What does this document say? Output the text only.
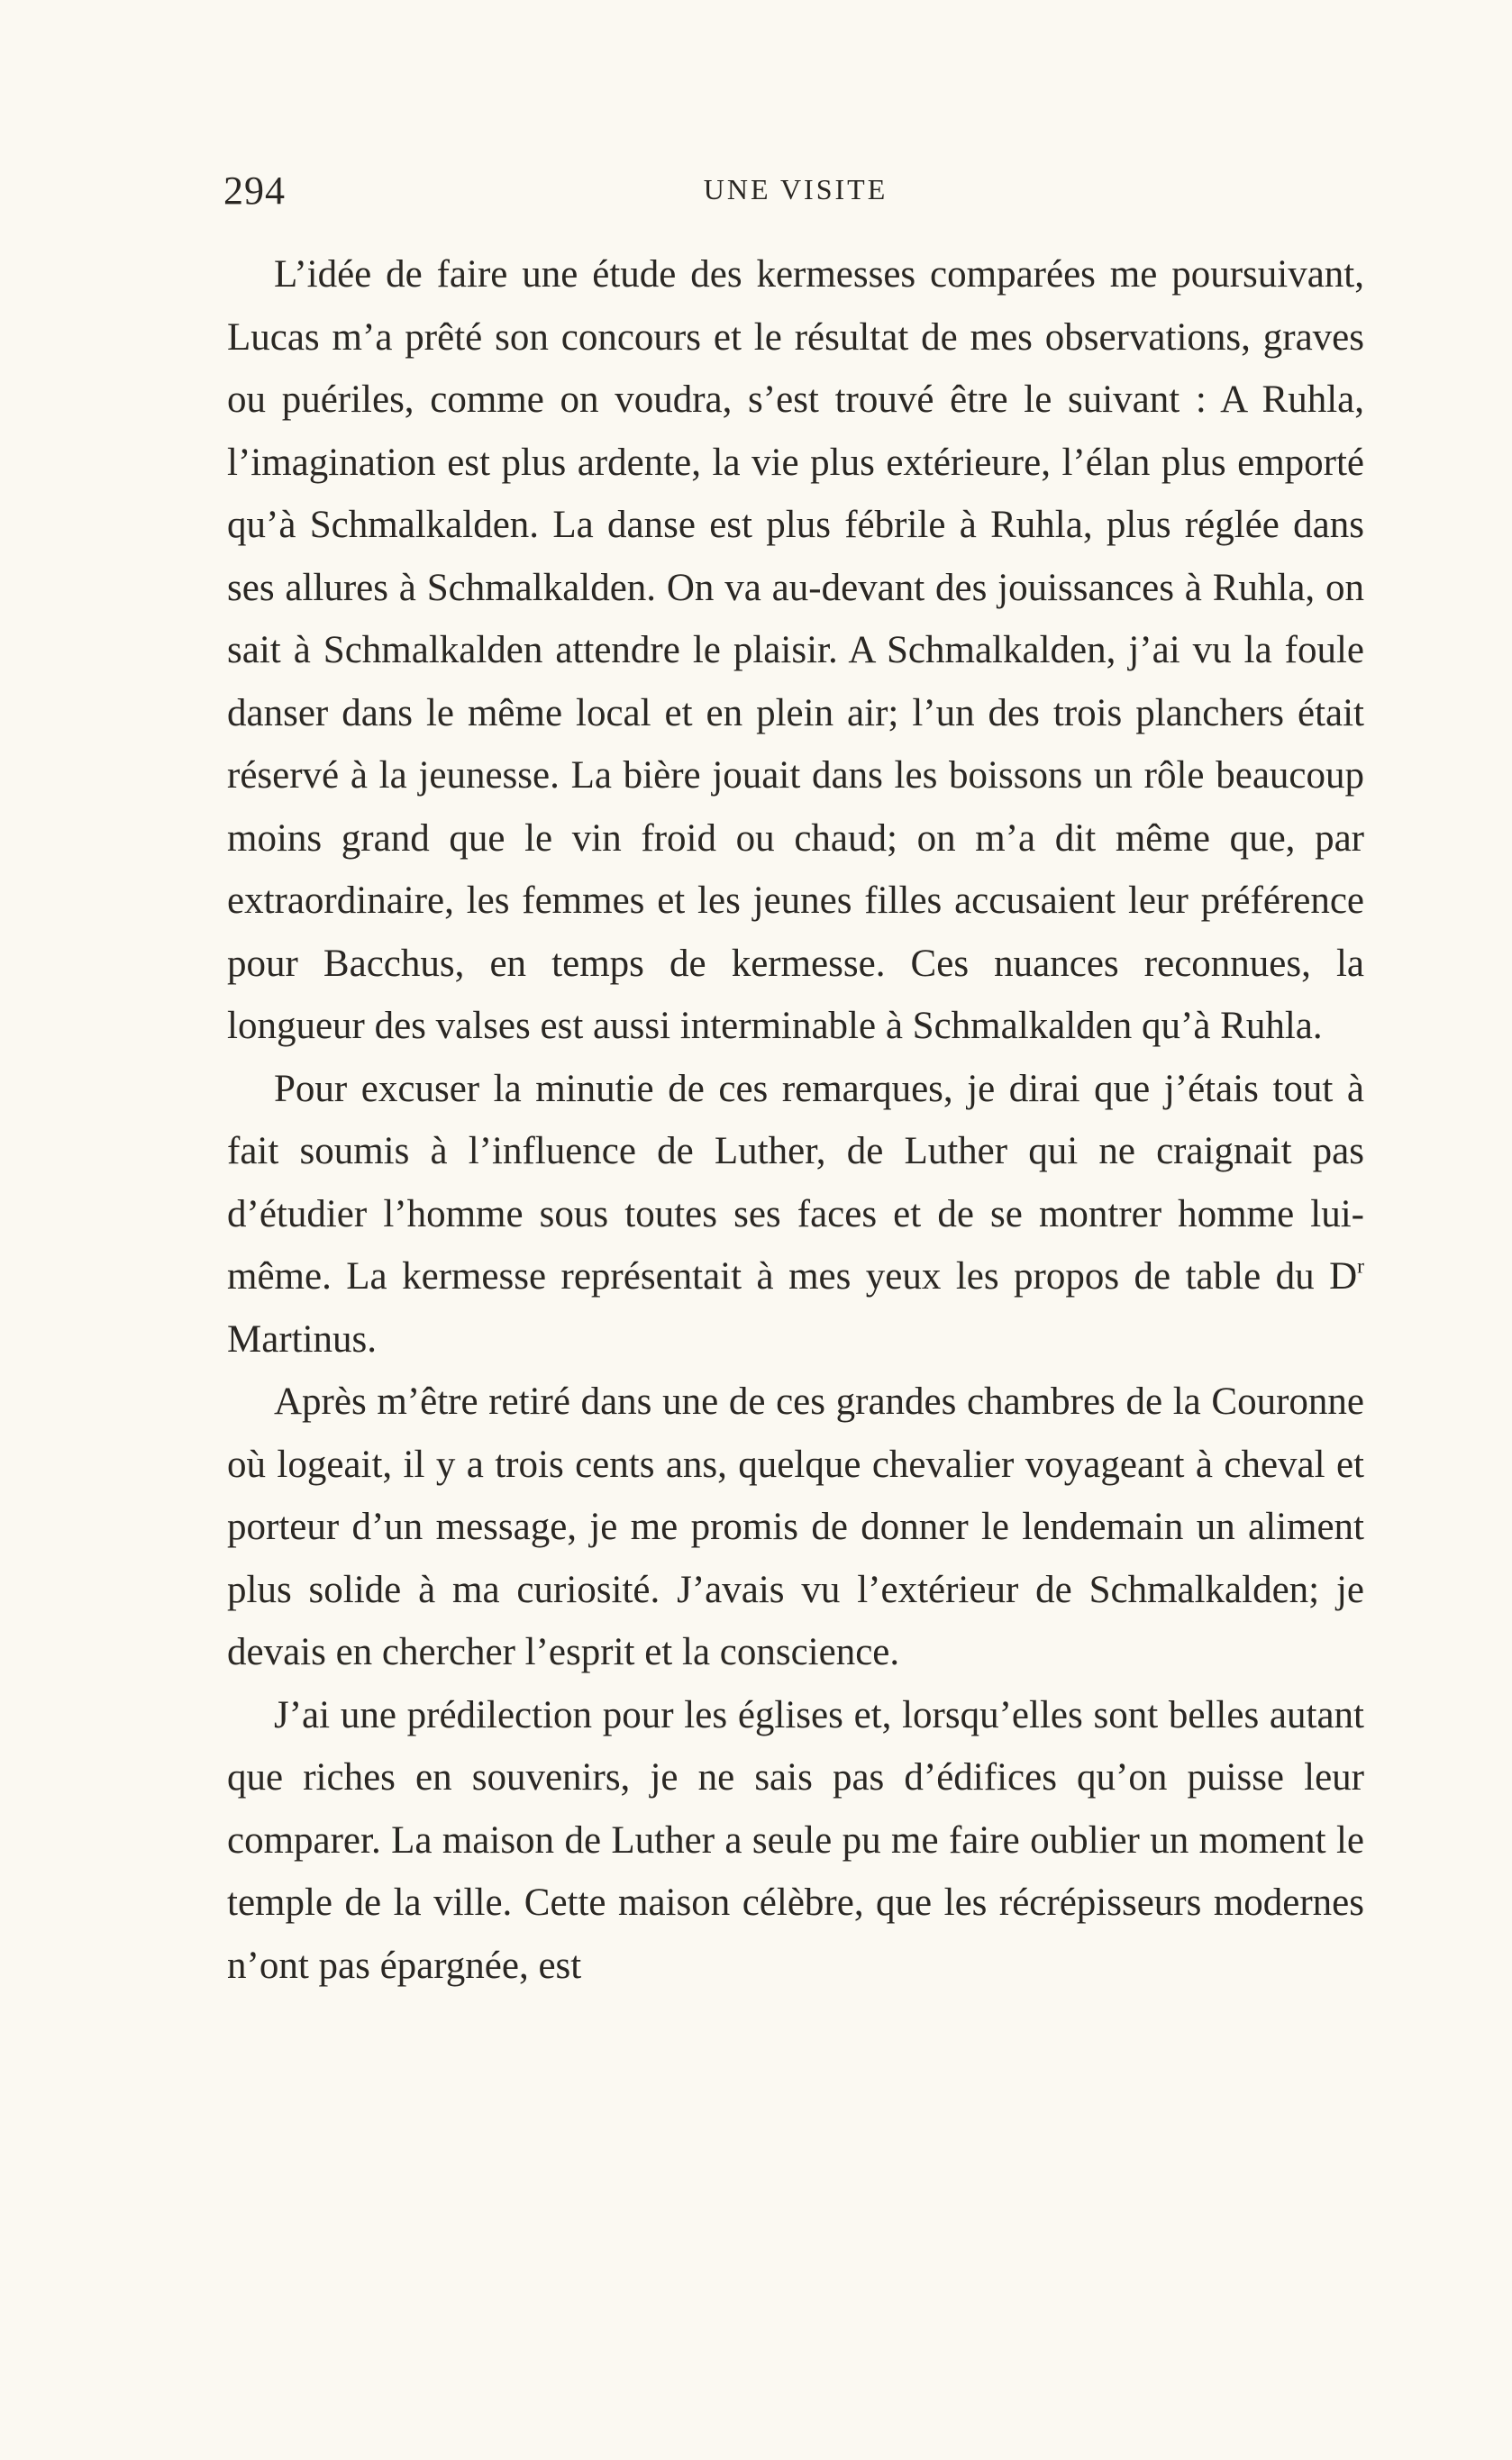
294	UNE VISITE

L’idée de faire une étude des kermesses comparées me poursuivant, Lucas m’a prêté son concours et le résultat de mes observations, graves ou puériles, comme on voudra, s’est trouvé être le suivant : A Ruhla, l’imagination est plus ardente, la vie plus extérieure, l’élan plus emporté qu’à Schmalkalden. La danse est plus fébrile à Ruhla, plus réglée dans ses allures à Schmalkalden. On va au-devant des jouissances à Ruhla, on sait à Schmalkalden attendre le plaisir. A Schmalkalden, j’ai vu la foule danser dans le même local et en plein air; l’un des trois planchers était réservé à la jeunesse. La bière jouait dans les boissons un rôle beaucoup moins grand que le vin froid ou chaud; on m’a dit même que, par extraordinaire, les femmes et les jeunes filles accusaient leur préférence pour Bacchus, en temps de kermesse. Ces nuances reconnues, la longueur des valses est aussi interminable à Schmalkalden qu’à Ruhla.

Pour excuser la minutie de ces remarques, je dirai que j’étais tout à fait soumis à l’influence de Luther, de Luther qui ne craignait pas d’étudier l’homme sous toutes ses faces et de se montrer homme lui-même. La kermesse représentait à mes yeux les propos de table du $D^r$ Martinus.

Après m’être retiré dans une de ces grandes chambres de la Couronne où logeait, il y a trois cents ans, quelque chevalier voyageant à cheval et porteur d’un message, je me promis de donner le lendemain un aliment plus solide à ma curiosité. J’avais vu l’extérieur de Schmalkalden; je devais en chercher l’esprit et la conscience.

J’ai une prédilection pour les églises et, lorsqu’elles sont belles autant que riches en souvenirs, je ne sais pas d’édifices qu’on puisse leur comparer. La maison de Luther a seule pu me faire oublier un moment le temple de la ville. Cette maison célèbre, que les récrépisseurs modernes n’ont pas épargnée, est
